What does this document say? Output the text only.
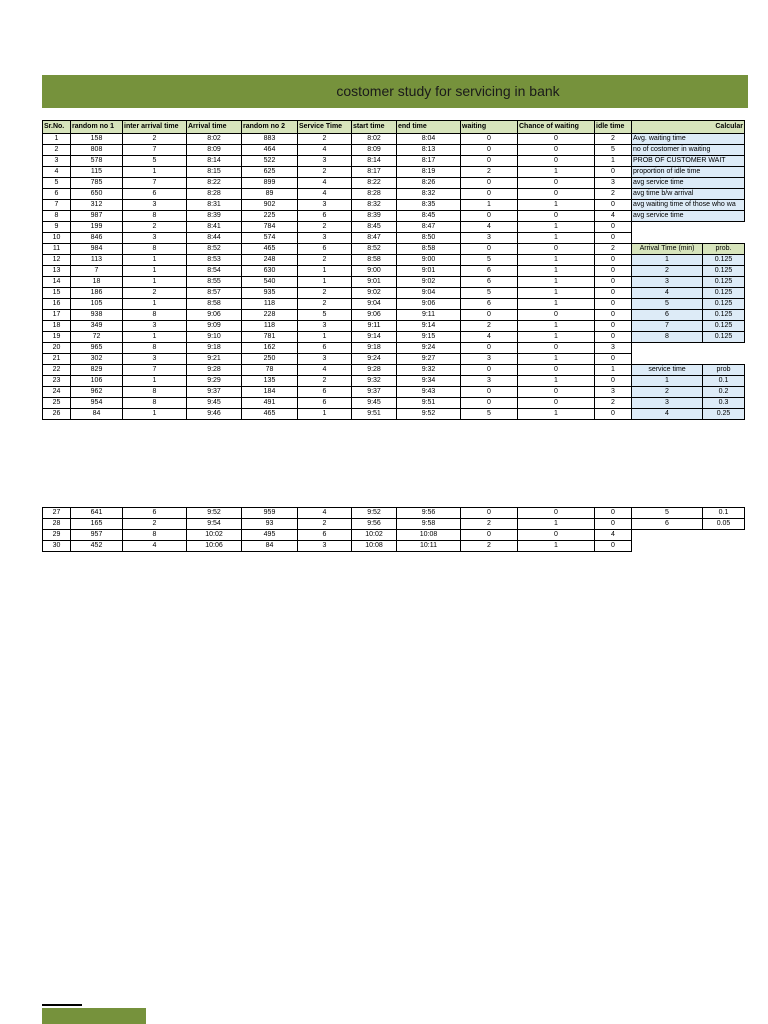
costomer study for servicing in bank
Sr.No.	random no 1	inter arrival time	Arrival time	random no 2	Service Time	start time	end time	waiting	Chance of waiting	idle time	Calcular	
1	158	2	8:02	883	2	8:02	8:04	0	0	2	Avg. waiting time	
2	808	7	8:09	464	4	8:09	8:13	0	0	5	no of costomer in waiting	
3	578	5	8:14	522	3	8:14	8:17	0	0	1	PROB OF CUSTOMER WAIT	
4	115	1	8:15	625	2	8:17	8:19	2	1	0	proportion of idle time	
5	785	7	8:22	899	4	8:22	8:26	0	0	3	avg service time	
6	650	6	8:28	89	4	8:28	8:32	0	0	2	avg time b/w arrival	
7	312	3	8:31	902	3	8:32	8:35	1	1	0	avg waiting time of those who wa	
8	987	8	8:39	225	6	8:39	8:45	0	0	4	avg service time	
9	199	2	8:41	784	2	8:45	8:47	4	1	0		
10	846	3	8:44	574	3	8:47	8:50	3	1	0		
11	984	8	8:52	465	6	8:52	8:58	0	0	2	Arrival Time (min)	prob.
12	113	1	8:53	248	2	8:58	9:00	5	1	0	1	0.125
13	7	1	8:54	630	1	9:00	9:01	6	1	0	2	0.125
14	18	1	8:55	540	1	9:01	9:02	6	1	0	3	0.125
15	186	2	8:57	935	2	9:02	9:04	5	1	0	4	0.125
16	105	1	8:58	118	2	9:04	9:06	6	1	0	5	0.125
17	938	8	9:06	228	5	9:06	9:11	0	0	0	6	0.125
18	349	3	9:09	118	3	9:11	9:14	2	1	0	7	0.125
19	72	1	9:10	781	1	9:14	9:15	4	1	0	8	0.125
20	965	8	9:18	162	6	9:18	9:24	0	0	3		
21	302	3	9:21	250	3	9:24	9:27	3	1	0		
22	829	7	9:28	78	4	9:28	9:32	0	0	1	service time	prob
23	106	1	9:29	135	2	9:32	9:34	3	1	0	1	0.1
24	962	8	9:37	184	6	9:37	9:43	0	0	3	2	0.2
25	954	8	9:45	491	6	9:45	9:51	0	0	2	3	0.3
26	84	1	9:46	465	1	9:51	9:52	5	1	0	4	0.25
27	641	6	9:52	959	4	9:52	9:56	0	0	0	5	0.1
28	165	2	9:54	93	2	9:56	9:58	2	1	0	6	0.05
29	957	8	10:02	495	6	10:02	10:08	0	0	4		
30	452	4	10:06	84	3	10:08	10:11	2	1	0		
